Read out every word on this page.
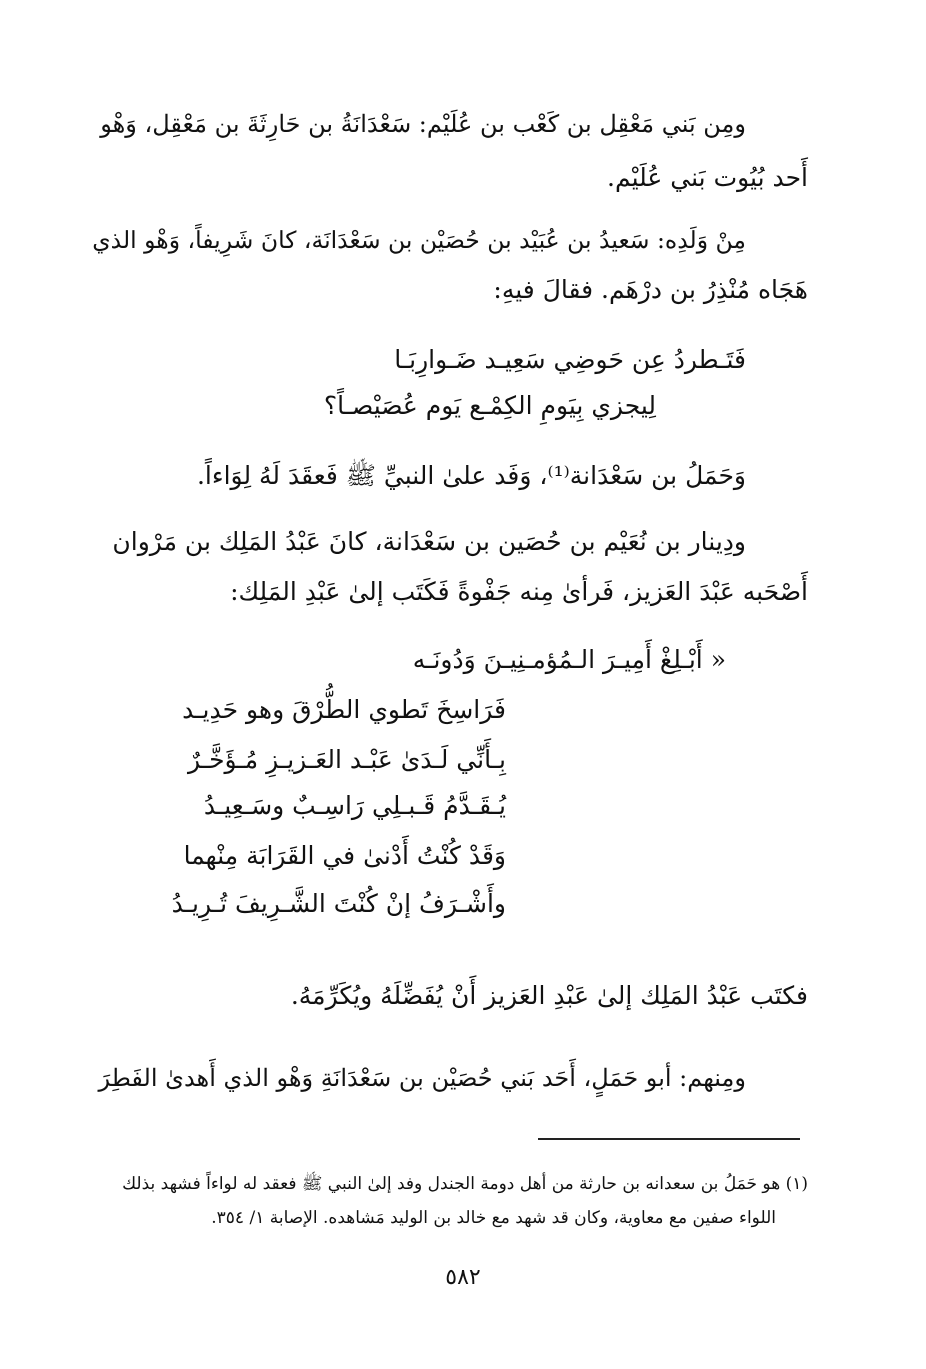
ومِن بَني مَعْقِل بن كَعْب بن عُلَيْم: سَعْدَانَةُ بن حَارِثَةَ بن مَعْقِل، وَهْو
أَحد بُيُوت بَني عُلَيْم.
مِنْ وَلَدِه: سَعيدُ بن عُبَيْد بن حُصَيْن بن سَعْدَانَة، كانَ شَرِيفاً، وَهْو الذي
هَجَاه مُنْذِرُ بن درْهَم. فقالَ فيهِ:
فَتَـطردُ عِن حَوضِي سَعِيـد ضَـوارِبَـا
لِيجزي بِيَومِ الكِمْـع يَوم عُصَيْصـاً؟
وَحَمَلُ بن سَعْدَانة⁽¹⁾، وَفَد علىٰ النبيِّ ﷺ فَعقَدَ لَهُ لِوَاءاً.
ودِينار بن نُعَيْم بن حُصَين بن سَعْدَانة، كانَ عَبْدُ المَلِك بن مَرْوان
أَصْحَبه عَبْدَ العَزيز، فَرأىٰ مِنه جَفْوةً فَكَتَب إلىٰ عَبْدِ المَلِك:
« أَبْـلِغْ أَمِيـرَ الـمُؤمـنِيـنَ وَدُونَـه
فَرَاسِخَ تَطوي الطُّرْقَ وهو حَدِيـد
بِـأَنِّي لَـدَىٰ عَبْـد العَـزيـزِ مُـؤَخَّـرٌ
يُـقَـدَّمُ قَـبـلِي رَاسِـبٌ وسَـعِيـدُ
وَقَدْ كُنْتُ أَدْنىٰ في القَرَابَة مِنْهما
وأَشْـرَفُ إنْ كُنْتَ الشَّـرِيفَ تُـرِيـدُ
فكتَب عَبْدُ المَلِك إلىٰ عَبْدِ العَزيز أَنْ يُفَضِّلَهُ ويُكَرِّمَهُ.
ومِنهم: أبو حَمَلٍ، أَحَد بَني حُصَيْن بن سَعْدَانَةِ وَهْو الذي أَهدىٰ الفَطِرَ
(١) هو حَمَلُ بن سعدانه بن حارثة من أهل دومة الجندل وفد إلىٰ النبي ﷺ فعقد له لواءاً فشهد بذلك
اللواء صفين مع معاوية، وكان قد شهد مع خالد بن الوليد مَشاهده. الإصابة ١/ ٣٥٤.
٥٨٢
